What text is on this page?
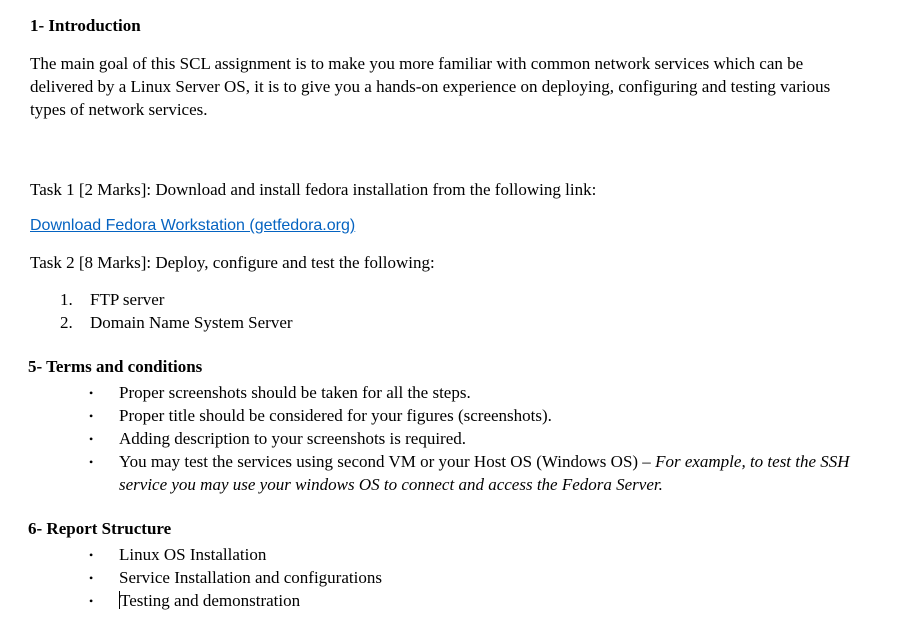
1- Introduction
The main goal of this SCL assignment is to make you more familiar with common network services which can be delivered by a Linux Server OS, it is to give you a hands-on experience on deploying, configuring and testing various types of network services.
Task 1 [2 Marks]: Download and install fedora installation from the following link:
Download Fedora Workstation (getfedora.org)
Task 2 [8 Marks]: Deploy, configure and test the following:
1. FTP server
2. Domain Name System Server
5- Terms and conditions
• Proper screenshots should be taken for all the steps.
• Proper title should be considered for your figures (screenshots).
• Adding description to your screenshots is required.
• You may test the services using second VM or your Host OS (Windows OS) – For example, to test the SSH service you may use your windows OS to connect and access the Fedora Server.
6- Report Structure
• Linux OS Installation
• Service Installation and configurations
• Testing and demonstration
